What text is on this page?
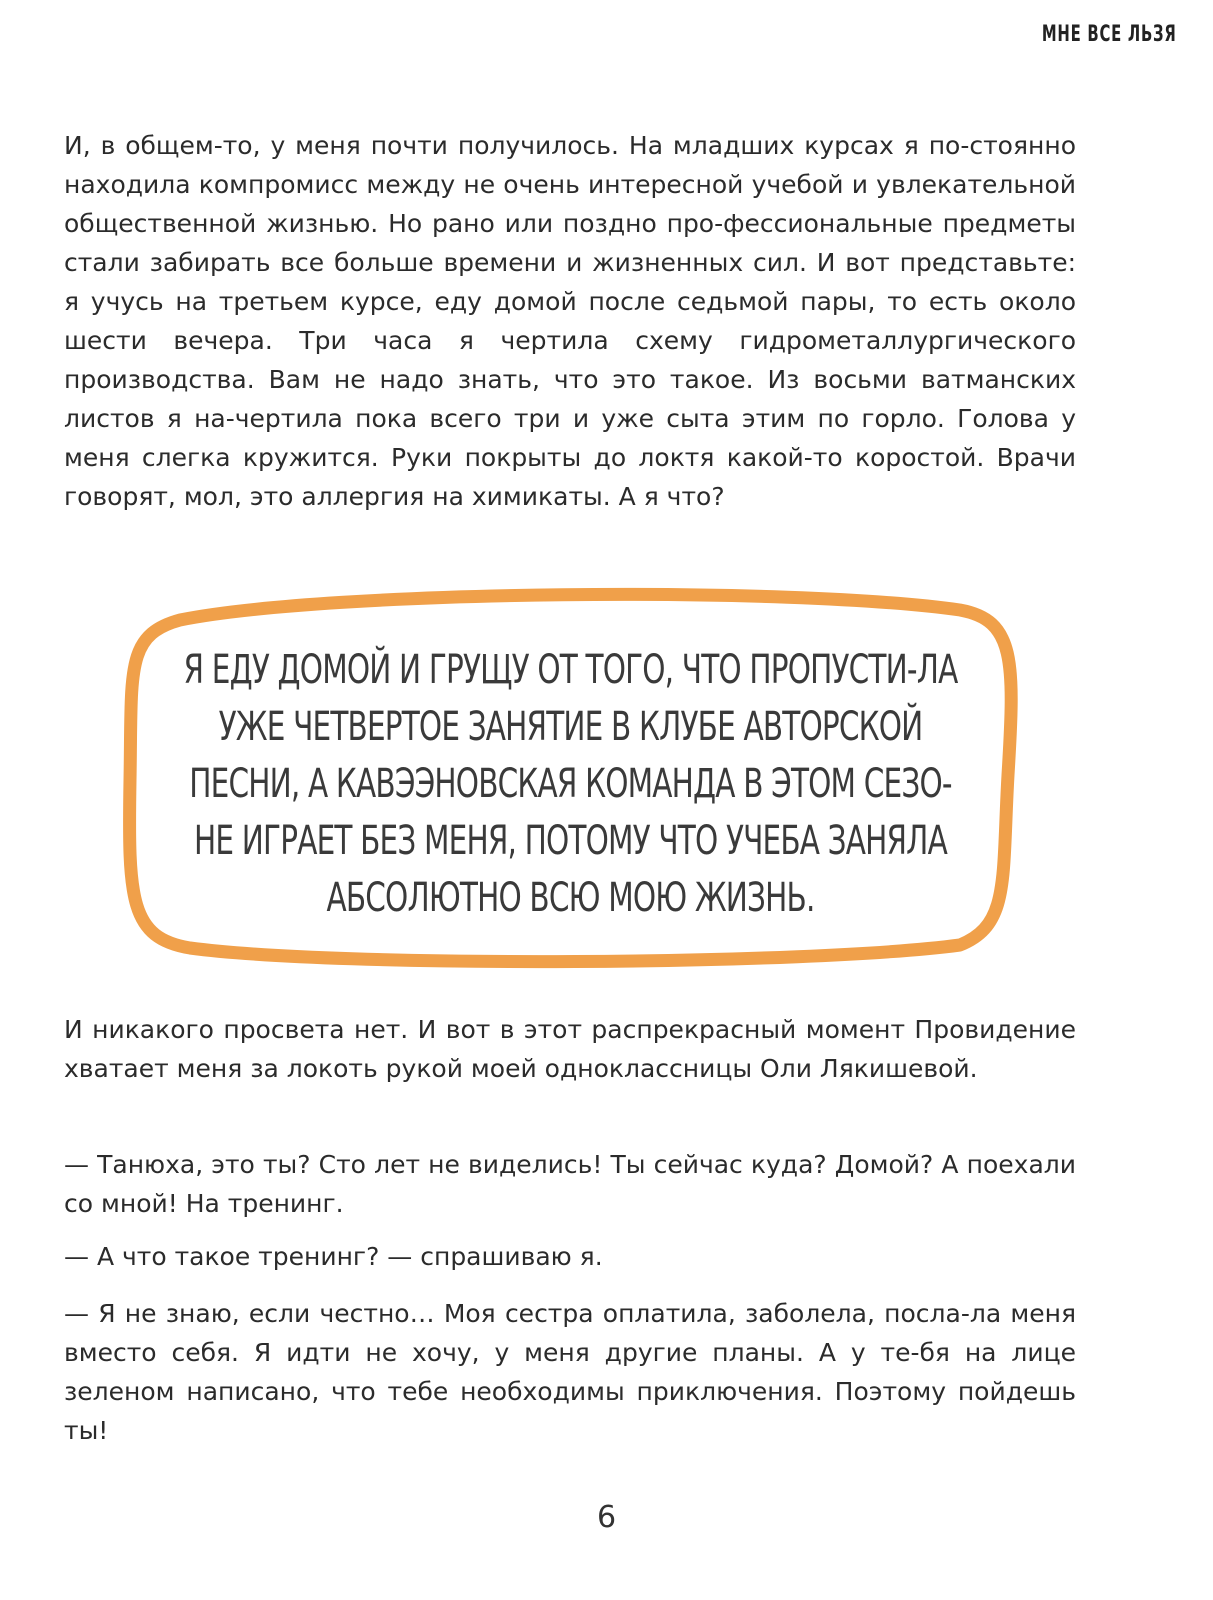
МНЕ ВСЕ ЛЬЗЯ

И, в общем-то, у меня почти получилось. На младших курсах я по-стоянно находила компромисс между не очень интересной учебой и увлекательной общественной жизнью. Но рано или поздно про-фессиональные предметы стали забирать все больше времени и жизненных сил. И вот представьте: я учусь на третьем курсе, еду домой после седьмой пары, то есть около шести вечера. Три часа я чертила схему гидрометаллургического производства. Вам не надо знать, что это такое. Из восьми ватманских листов я на-чертила пока всего три и уже сыта этим по горло. Голова у меня слегка кружится. Руки покрыты до локтя какой-то коростой. Врачи говорят, мол, это аллергия на химикаты. А я что?

Я ЕДУ ДОМОЙ И ГРУЩУ ОТ ТОГО, ЧТО ПРОПУСТИ-ЛА УЖЕ ЧЕТВЕРТОЕ ЗАНЯТИЕ В КЛУБЕ АВТОРСКОЙ ПЕСНИ, А КАВЭЭНОВСКАЯ КОМАНДА В ЭТОМ СЕЗО-НЕ ИГРАЕТ БЕЗ МЕНЯ, ПОТОМУ ЧТО УЧЕБА ЗАНЯЛА АБСОЛЮТНО ВСЮ МОЮ ЖИЗНЬ.

И никакого просвета нет. И вот в этот распрекрасный момент Провидение хватает меня за локоть рукой моей одноклассницы Оли Лякишевой.

— Танюха, это ты? Сто лет не виделись! Ты сейчас куда? Домой? А поехали со мной! На тренинг.

— А что такое тренинг? — спрашиваю я.

— Я не знаю, если честно… Моя сестра оплатила, заболела, посла-ла меня вместо себя. Я идти не хочу, у меня другие планы. А у те-бя на лице зеленом написано, что тебе необходимы приключения. Поэтому пойдешь ты!

6
